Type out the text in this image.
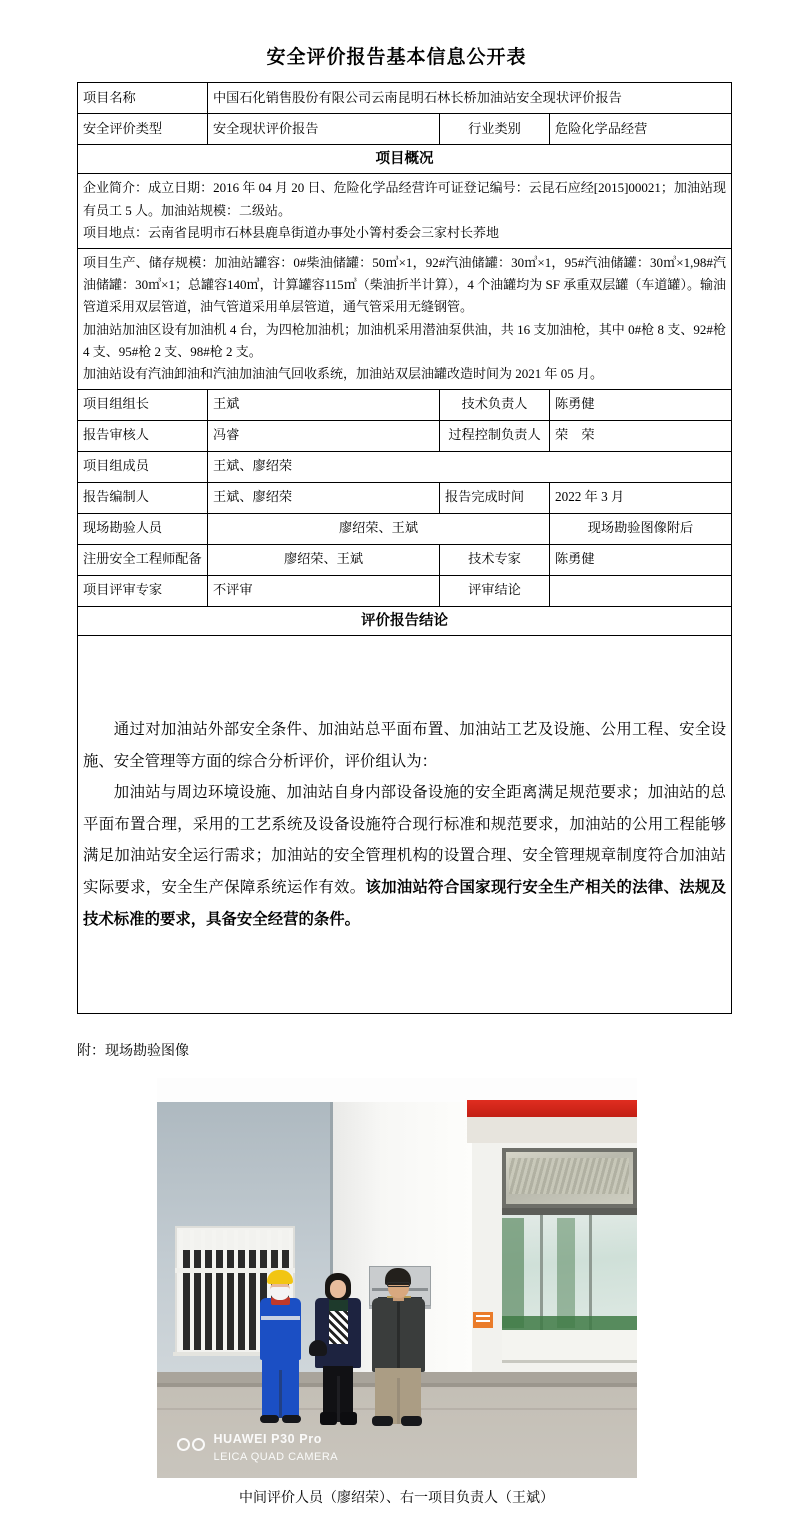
安全评价报告基本信息公开表
项目名称	中国石化销售股份有限公司云南昆明石林长桥加油站安全现状评价报告		
安全评价类型	安全现状评价报告	行业类别	危险化学品经营
项目概况			

企业简介：成立日期：2016 年 04 月 20 日、危险化学品经营许可证登记编号：云昆石应经[2015]00021；加油站现有员工 5 人。加油站规模：二级站。

项目地点：云南省昆明市石林县鹿阜街道办事处小箐村委会三家村长荞地			

项目生产、储存规模：加油站罐容：0#柴油储罐：50㎥×1，92#汽油储罐：30㎥×1，95#汽油储罐：30㎥×1,98#汽油储罐：30㎥×1；总罐容140㎥，计算罐容115㎥（柴油折半计算），4 个油罐均为 SF 承重双层罐（车道罐）。输油管道采用双层管道，油气管道采用单层管道，通气管采用无缝钢管。

加油站加油区设有加油机 4 台，为四枪加油机；加油机采用潜油泵供油，共 16 支加油枪，其中 0#枪 8 支、92#枪 4 支、95#枪 2 支、98#枪 2 支。

加油站设有汽油卸油和汽油加油油气回收系统，加油站双层油罐改造时间为 2021 年 05 月。			

项目组组长	王斌	技术负责人	陈勇健
报告审核人	冯睿	过程控制负责人	荣　荣
项目组成员	王斌、廖绍荣		
报告编制人	王斌、廖绍荣	报告完成时间	2022 年 3 月
现场勘验人员	廖绍荣、王斌		现场勘验图像附后
注册安全工程师配备	廖绍荣、王斌	技术专家	陈勇健
项目评审专家	不评审	评审结论	
评价报告结论			

通过对加油站外部安全条件、加油站总平面布置、加油站工艺及设施、公用工程、安全设施、安全管理等方面的综合分析评价，评价组认为：

加油站与周边环境设施、加油站自身内部设备设施的安全距离满足规范要求；加油站的总平面布置合理，采用的工艺系统及设备设施符合现行标准和规范要求，加油站的公用工程能够满足加油站安全运行需求；加油站的安全管理机构的设置合理、安全管理规章制度符合加油站实际要求，安全生产保障系统运作有效。该加油站符合国家现行安全生产相关的法律、法规及技术标准的要求，具备安全经营的条件。			

附：现场勘验图像
HUAWEI P30 Pro
LEICA QUAD CAMERA
中间评价人员（廖绍荣）、右一项目负责人（王斌）
